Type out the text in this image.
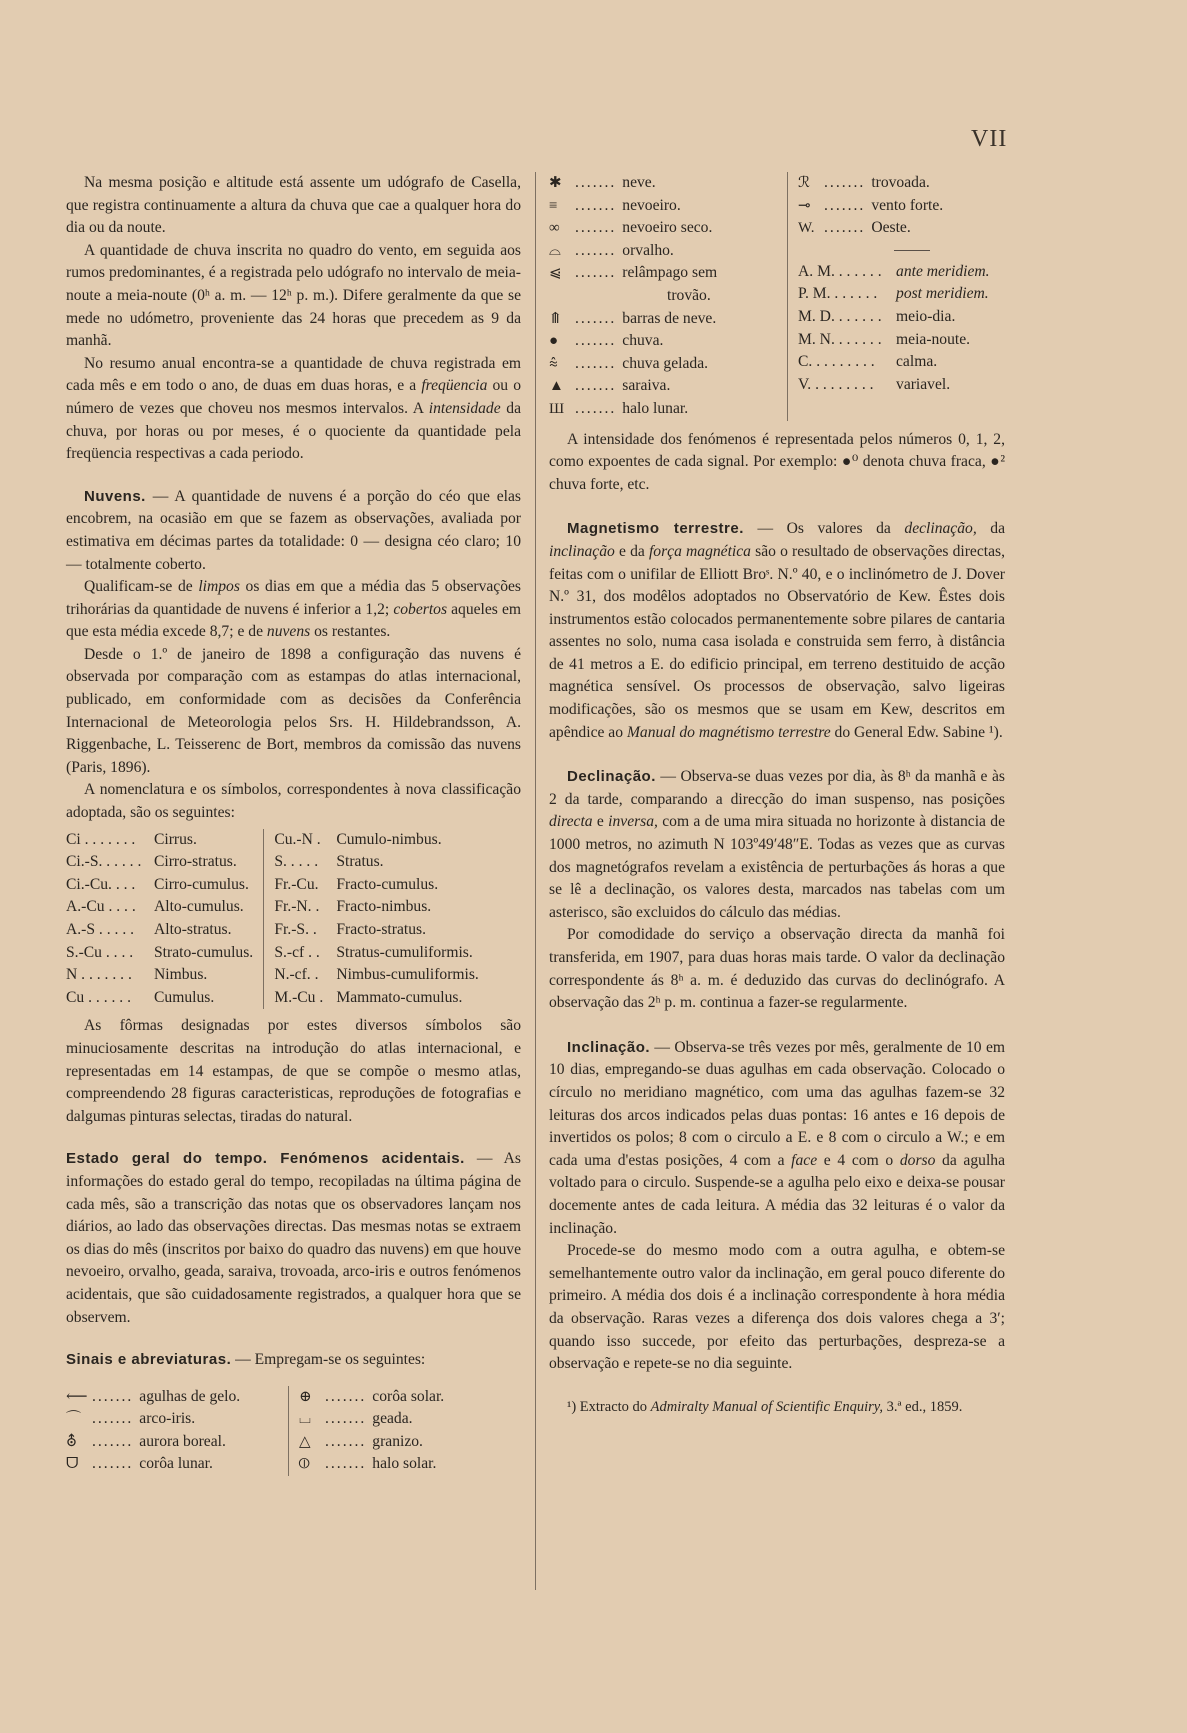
VII

Na mesma posição e altitude está assente um udógrafo de Casella, que registra continuamente a altura da chuva que cae a qualquer hora do dia ou da noute.

A quantidade de chuva inscrita no quadro do vento, em seguida aos rumos predominantes, é a registrada pelo udógrafo no intervalo de meia-noute a meia-noute (0ʰ a. m. — 12ʰ p. m.). Difere geralmente da que se mede no udómetro, proveniente das 24 horas que precedem as 9 da manhã.

No resumo anual encontra-se a quantidade de chuva registrada em cada mês e em todo o ano, de duas em duas horas, e a freqüencia ou o número de vezes que choveu nos mesmos intervalos. A intensidade da chuva, por horas ou por meses, é o quociente da quantidade pela freqüencia respectivas a cada periodo.

Nuvens. — A quantidade de nuvens é a porção do céo que elas encobrem, na ocasião em que se fazem as observações, avaliada por estimativa em décimas partes da totalidade: 0 — designa céo claro; 10 — totalmente coberto.

Qualificam-se de limpos os dias em que a média das 5 observações trihorárias da quantidade de nuvens é inferior a 1,2; cobertos aqueles em que esta média excede 8,7; e de nuvens os restantes.

Desde o 1.º de janeiro de 1898 a configuração das nuvens é observada por comparação com as estampas do atlas internacional, publicado, em conformidade com as decisões da Conferência Internacional de Meteorologia pelos Srs. H. Hildebrandsson, A. Riggenbache, L. Teisserenc de Bort, membros da comissão das nuvens (Paris, 1896).

A nomenclatura e os símbolos, correspondentes à nova classificação adoptada, são os seguintes:

Ci . . . . . . .	Cirrus.
Ci.-S. . . . . . Cirro-stratus.
Ci.-Cu. . . .	Cirro-cumulus.
A.-Cu . . . .	Alto-cumulus.
A.-S . . . . .	Alto-stratus.
S.-Cu . . . .	Strato-cumulus.
N . . . . . . .	Nimbus.
Cu . . . . . .	Cumulus.
Cu.-N .	Cumulo-nimbus.
S. . . . .	Stratus.
Fr.-Cu.	Fracto-cumulus.
Fr.-N. .	Fracto-nimbus.
Fr.-S. .	Fracto-stratus.
S.-cf . .	Stratus-cumuliformis.
N.-cf. .	Nimbus-cumuliformis.
M.-Cu . Mammato-cumulus.

As fôrmas designadas por estes diversos símbolos são minuciosamente descritas na introdução do atlas internacional, e representadas em 14 estampas, de que se compõe o mesmo atlas, compreendendo 28 figuras caracteristicas, reproduções de fotografias e dalgumas pinturas selectas, tiradas do natural.

Estado geral do tempo. Fenómenos acidentais. — As informações do estado geral do tempo, recopiladas na última página de cada mês, são a transcrição das notas que os observadores lançam nos diários, ao lado das observações directas. Das mesmas notas se extraem os dias do mês (inscritos por baixo do quadro das nuvens) em que houve nevoeiro, orvalho, geada, saraiva, trovoada, arco-iris e outros fenómenos acidentais, que são cuidadosamente registrados, a qualquer hora que se observem.

Sinais e abreviaturas. — Empregam-se os seguintes:

⟵ ....... agulhas de gelo.
⌒ ....... arco-iris.
⛢ ....... aurora boreal.
ᗜ ....... corôa lunar.
⊕ ....... corôa solar.
⌴ ....... geada.
△ ....... granizo.
⦶ ....... halo solar.
✱ ....... neve.
≡	....... nevoeiro.
∞ ....... nevoeiro seco.
⌓ ....... orvalho.
⩿ ....... relâmpago sem
trovão.
⤊ ....... barras de neve.
●	....... chuva.
⩯	....... chuva gelada.
▲ ....... saraiva.
Ш ....... halo lunar.
ℛ ....... trovoada.
⊸ ....... vento forte.
W. ....... Oeste.
A. M. . . . . . . ante meridiem.
P. M. . . . . . .	post meridiem.
M. D. . . . . . . meio-dia.
M. N. . . . . . . meia-noute.
C. . . . . . . . .	calma.
V. . . . . . . . .	variavel.

A intensidade dos fenómenos é representada pelos números 0, 1, 2, como expoentes de cada signal. Por exemplo: ●⁰ denota chuva fraca, ●² chuva forte, etc.

Magnetismo terrestre. — Os valores da declinação, da inclinação e da força magnética são o resultado de observações directas, feitas com o unifilar de Elliott Broˢ. N.º 40, e o inclinómetro de J. Dover N.º 31, dos modêlos adoptados no Observatório de Kew. Êstes dois instrumentos estão colocados permanentemente sobre pilares de cantaria assentes no solo, numa casa isolada e construida sem ferro, à distância de 41 metros a E. do edificio principal, em terreno destituido de acção magnética sensível. Os processos de observação, salvo ligeiras modificações, são os mesmos que se usam em Kew, descritos em apêndice ao Manual do magnétismo terrestre do General Edw. Sabine ¹).

Declinação. — Observa-se duas vezes por dia, às 8ʰ da manhã e às 2 da tarde, comparando a direcção do iman suspenso, nas posições directa e inversa, com a de uma mira situada no horizonte à distancia de 1000 metros, no azimuth N 103º49′48″E. Todas as vezes que as curvas dos magnetógrafos revelam a existência de perturbações ás horas a que se lê a declinação, os valores desta, marcados nas tabelas com um asterisco, são excluidos do cálculo das médias.

Por comodidade do serviço a observação directa da manhã foi transferida, em 1907, para duas horas mais tarde. O valor da declinação correspondente ás 8ʰ a. m. é deduzido das curvas do declinógrafo. A observação das 2ʰ p. m. continua a fazer-se regularmente.

Inclinação. — Observa-se três vezes por mês, geralmente de 10 em 10 dias, empregando-se duas agulhas em cada observação. Colocado o círculo no meridiano magnético, com uma das agulhas fazem-se 32 leituras dos arcos indicados pelas duas pontas: 16 antes e 16 depois de invertidos os polos; 8 com o circulo a E. e 8 com o circulo a W.; e em cada uma d'estas posições, 4 com a face e 4 com o dorso da agulha voltado para o circulo. Suspende-se a agulha pelo eixo e deixa-se pousar docemente antes de cada leitura. A média das 32 leituras é o valor da inclinação.

Procede-se do mesmo modo com a outra agulha, e obtem-se semelhantemente outro valor da inclinação, em geral pouco diferente do primeiro. A média dos dois é a inclinação correspondente à hora média da observação. Raras vezes a diferença dos dois valores chega a 3′; quando isso succede, por efeito das perturbações, despreza-se a observação e repete-se no dia seguinte.

¹) Extracto do Admiralty Manual of Scientific Enquiry, 3.ª ed., 1859.
